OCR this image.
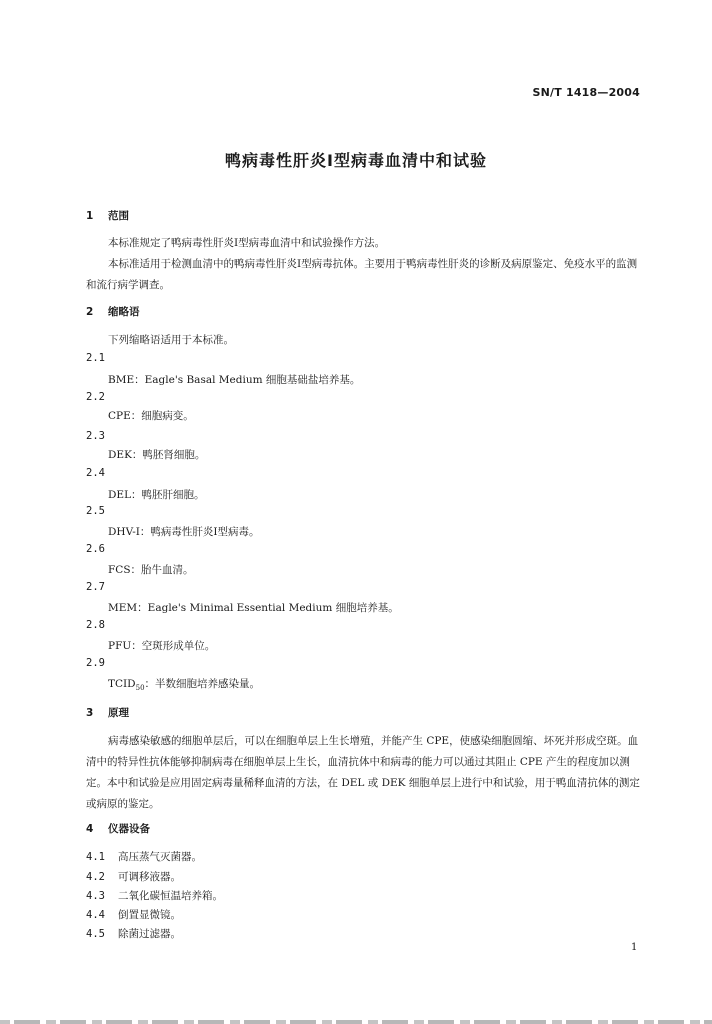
SN/T 1418—2004
鸭病毒性肝炎Ⅰ型病毒血清中和试验
1 范围
本标准规定了鸭病毒性肝炎Ⅰ型病毒血清中和试验操作方法。
本标准适用于检测血清中的鸭病毒性肝炎Ⅰ型病毒抗体。主要用于鸭病毒性肝炎的诊断及病原鉴定、免疫水平的监测和流行病学调查。
2 缩略语
下列缩略语适用于本标准。
2.1
BME：Eagle's Basal Medium 细胞基础盐培养基。
2.2
CPE：细胞病变。
2.3
DEK：鸭胚肾细胞。
2.4
DEL：鸭胚肝细胞。
2.5
DHV-Ⅰ：鸭病毒性肝炎Ⅰ型病毒。
2.6
FCS：胎牛血清。
2.7
MEM：Eagle's Minimal Essential Medium 细胞培养基。
2.8
PFU：空斑形成单位。
2.9
$TCID_{50}$：半数细胞培养感染量。
3 原理
病毒感染敏感的细胞单层后，可以在细胞单层上生长增殖，并能产生 CPE，使感染细胞圆缩、坏死并形成空斑。血清中的特异性抗体能够抑制病毒在细胞单层上生长，血清抗体中和病毒的能力可以通过其阻止 CPE 产生的程度加以测定。本中和试验是应用固定病毒量稀释血清的方法，在 DEL 或 DEK 细胞单层上进行中和试验，用于鸭血清抗体的测定或病原的鉴定。
4 仪器设备
4.1 高压蒸气灭菌器。
4.2 可调移液器。
4.3 二氧化碳恒温培养箱。
4.4 倒置显微镜。
4.5 除菌过滤器。
1
